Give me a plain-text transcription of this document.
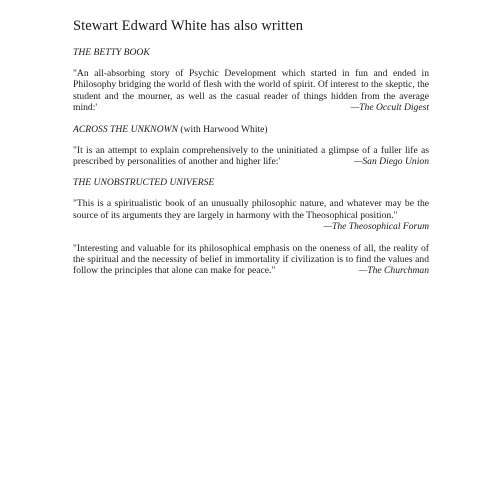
Stewart Edward White has also written

THE BETTY BOOK

"An all-absorbing story of Psychic Development which started in fun and ended in Philosophy bridging the world of flesh with the world of spirit. Of interest to the skeptic, the student and the mourner, as well as the casual reader of things hidden from the average mind:'	—The Occult Digest

ACROSS THE UNKNOWN (with Harwood White)

"It is an attempt to explain comprehensively to the uninitiated a glimpse of a fuller life as prescribed by personalities of another and higher life:'	—San Diego Union

THE UNOBSTRUCTED UNIVERSE

"This is a spiritualistic book of an unusually philosophic nature, and whatever may be the source of its arguments they are largely in harmony with the Theosophical position."
—The Theosophical Forum

"Interesting and valuable for its philosophical emphasis on the oneness of all, the reality of the spiritual and the necessity of belief in immortality if civilization is to find the values and follow the principles that alone can make for peace."	—The Churchman
